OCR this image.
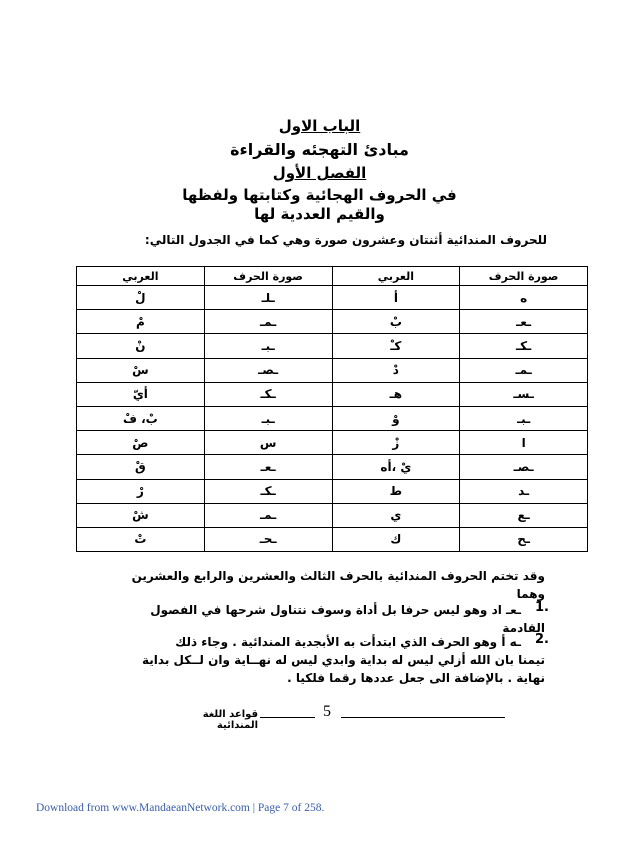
الباب الاول
مبادئ التهجئه والقراءة
الفصل الأول
في الحروف الهجائية وكتابتها ولفظها
والقيم العددية لها
للحروف المندائية أثنتان وعشرون صورة وهي كما في الجدول التالي:
صورة الحرف	العربي	صورة الحرف	العربي
ه	أ	ـلـ	لْ
ـعـ	بْ	ـمـ	مْ
ـكـ	كـْ	ـبـ	نْ
ـمـ	دْ	ـصـ	سْ
ـسـ	هـ	ـكـ	أيّ
ـبـ	وْ	ـبـ	بْ، فْ
ا	زْ	س	صْ
ـصـ	يْ ،أه	ـعـ	قْ
ـد	ط	ـكـ	رْ
ـع	ي	ـمـ	شْ
ـح	ك	ـحـ	تْ
وقد تختم الحروف المندائية بالحرف الثالث والعشرين والرابع والعشرين
وهما
1.
ـعـ اد وهو ليس حرفا بل أداة وسوف نتناول شرحها في الفصول
القادمة
2.
ـه أ وهو الحرف الذي ابتدأت به الأبجدية المندائية . وجاء ذلك
تيمنا بان الله أزلي ليس له بداية وابدي ليس له نهــاية وان لــكل بداية
نهاية . بالإضافة الى جعل عددها رقما فلكيا .
5
قواعد اللغة المندائية
Download from www.MandaeanNetwork.com | Page 7 of 258.
